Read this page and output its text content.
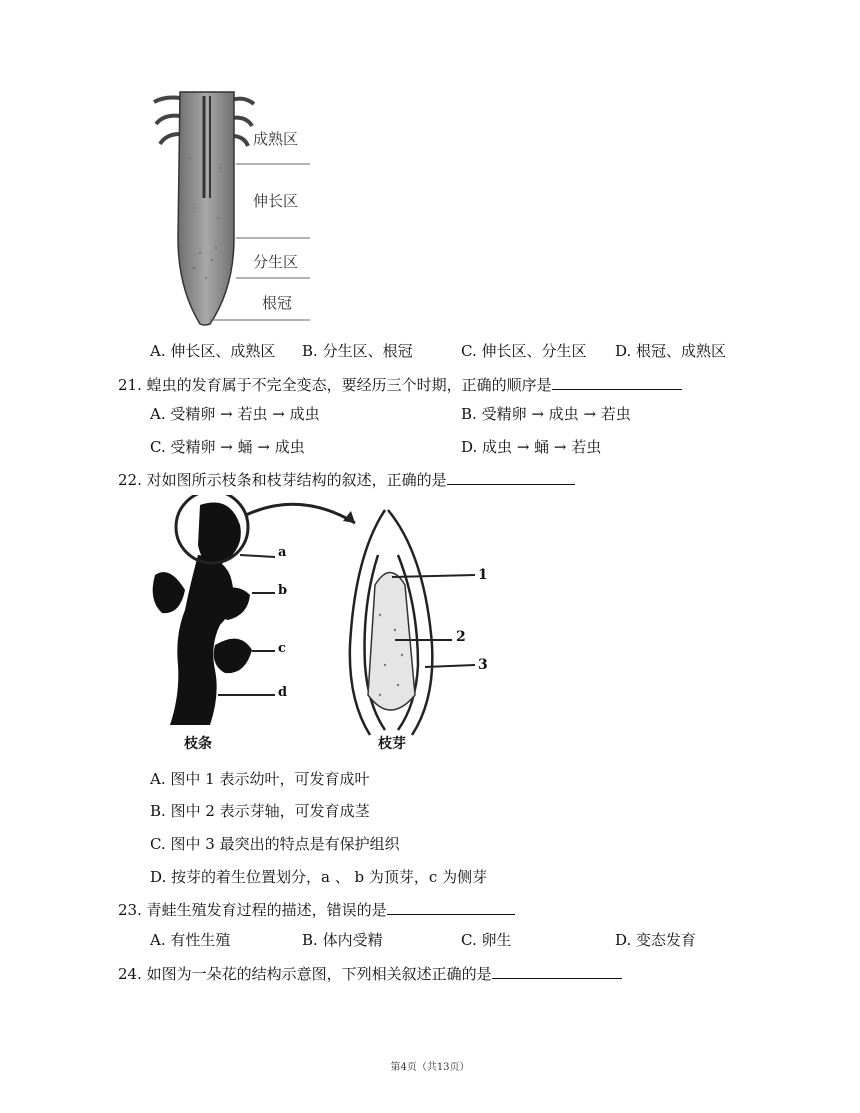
成熟区
伸长区
分生区
根冠
A. 伸长区、成熟区 B. 分生区、根冠	C. 伸长区、分生区 D. 根冠、成熟区
21. 蝗虫的发育属于不完全变态，要经历三个时期，正确的顺序是
A. 受精卵 → 若虫 → 成虫	B. 受精卵 → 成虫 → 若虫
C. 受精卵 → 蛹 → 成虫	D. 成虫 → 蛹 → 若虫
22. 对如图所示枝条和枝芽结构的叙述，正确的是
a
b
c
d
1
2
3
枝条	枝芽
A. 图中 1 表示幼叶，可发育成叶
B. 图中 2 表示芽轴，可发育成茎
C. 图中 3 最突出的特点是有保护组织
D. 按芽的着生位置划分，a 、 b 为顶芽，c 为侧芽
23. 青蛙生殖发育过程的描述，错误的是
A. 有性生殖	B. 体内受精	C. 卵生	D. 变态发育
24. 如图为一朵花的结构示意图，下列相关叙述正确的是
第4页（共13页）
